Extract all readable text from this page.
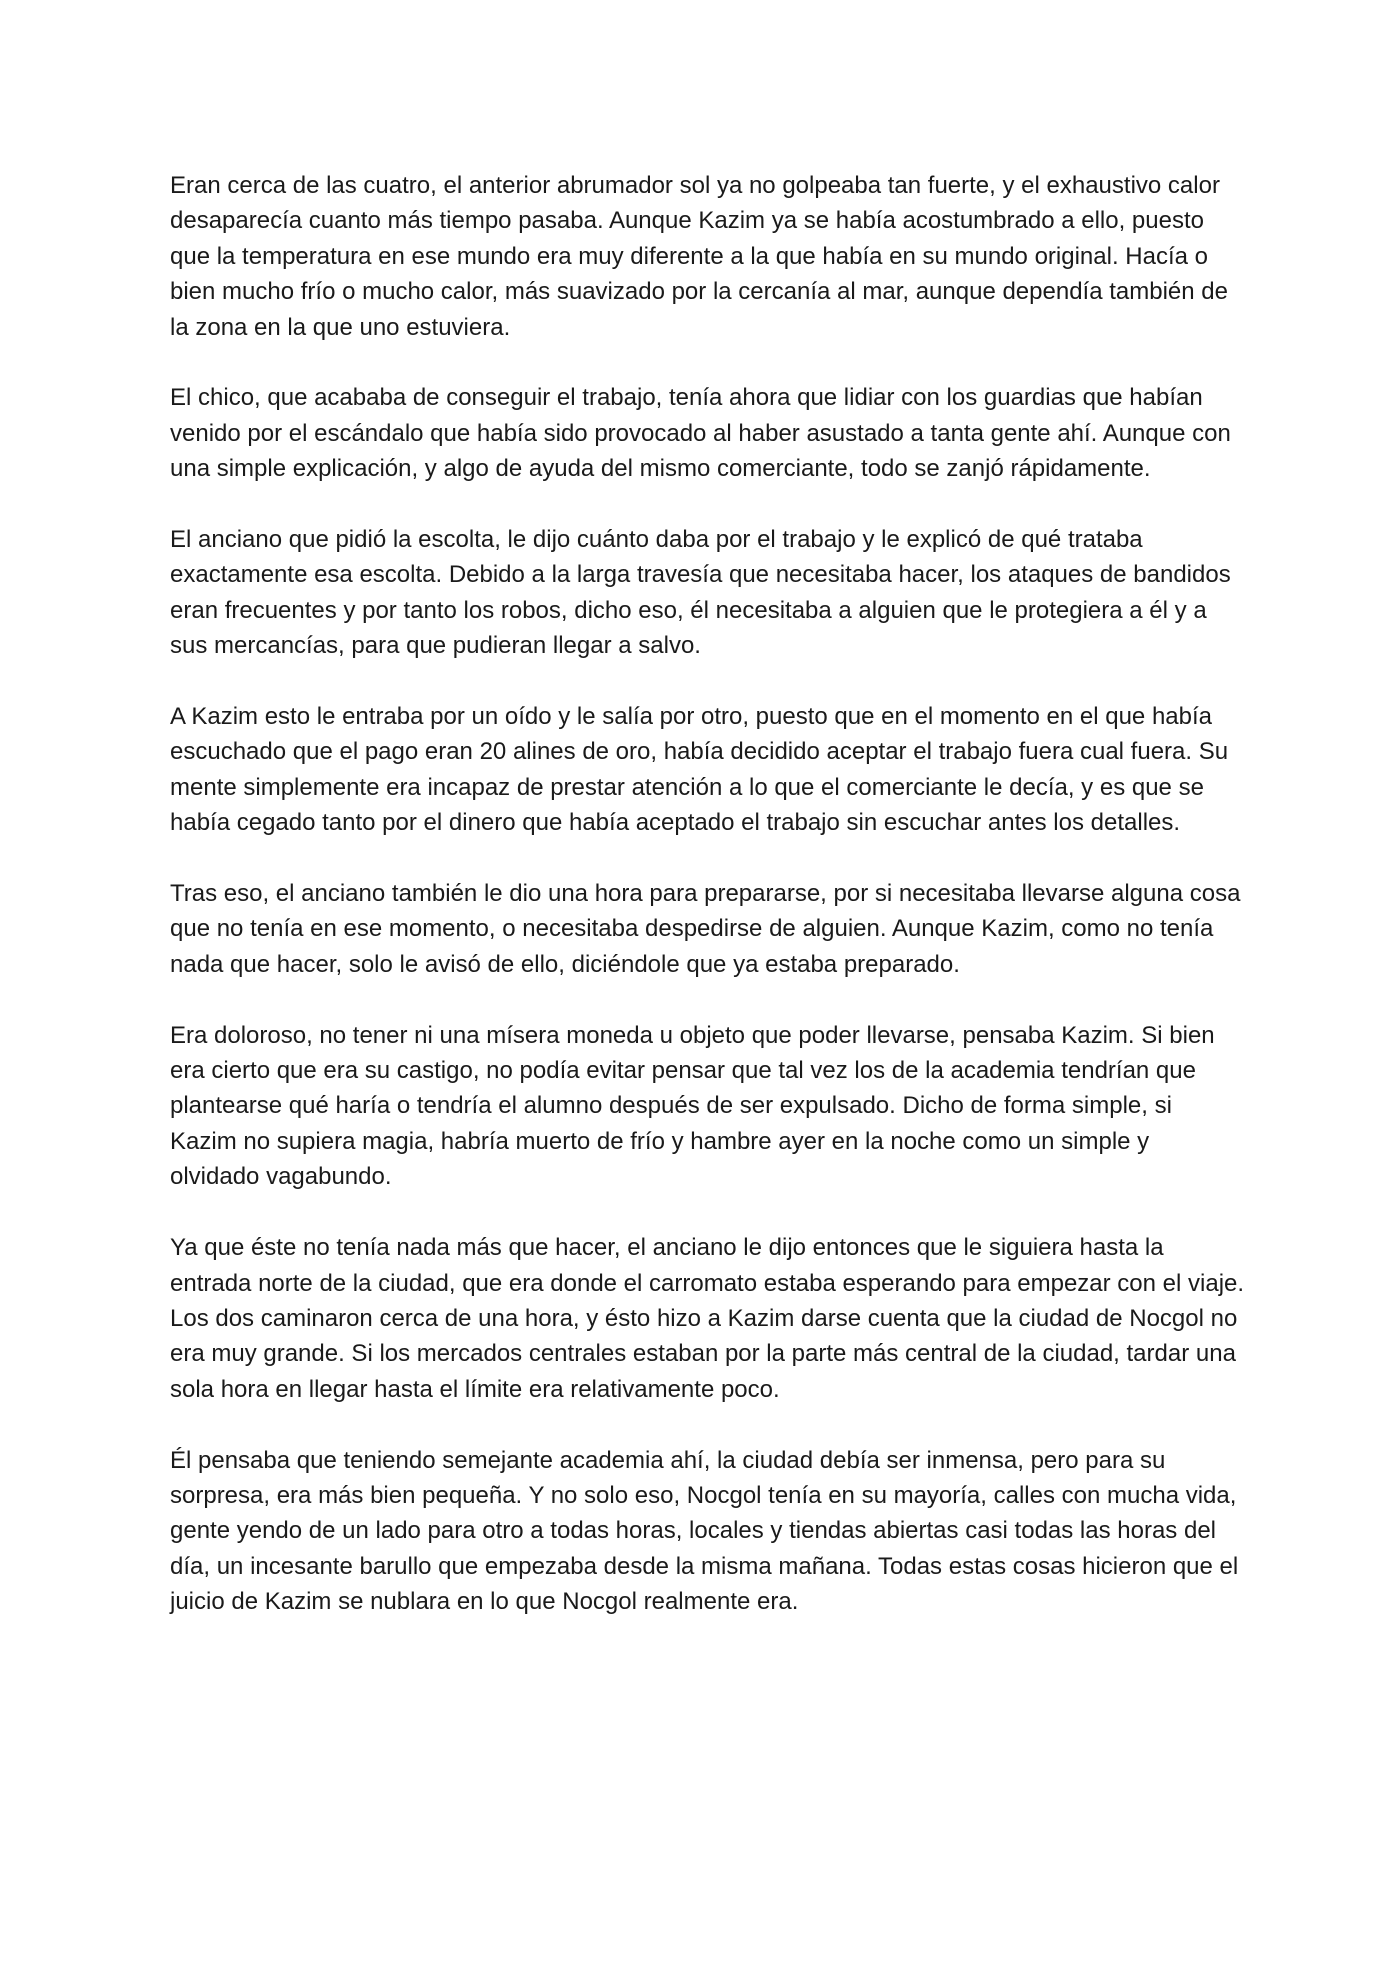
Eran cerca de las cuatro, el anterior abrumador sol ya no golpeaba tan fuerte, y el exhaustivo calor desaparecía cuanto más tiempo pasaba. Aunque Kazim ya se había acostumbrado a ello, puesto que la temperatura en ese mundo era muy diferente a la que había en su mundo original. Hacía o bien mucho frío o mucho calor, más suavizado por la cercanía al mar, aunque dependía también de la zona en la que uno estuviera.

El chico, que acababa de conseguir el trabajo, tenía ahora que lidiar con los guardias que habían venido por el escándalo que había sido provocado al haber asustado a tanta gente ahí. Aunque con una simple explicación, y algo de ayuda del mismo comerciante, todo se zanjó rápidamente.

El anciano que pidió la escolta, le dijo cuánto daba por el trabajo y le explicó de qué trataba exactamente esa escolta. Debido a la larga travesía que necesitaba hacer, los ataques de bandidos eran frecuentes y por tanto los robos, dicho eso, él necesitaba a alguien que le protegiera a él y a sus mercancías, para que pudieran llegar a salvo.

A Kazim esto le entraba por un oído y le salía por otro, puesto que en el momento en el que había escuchado que el pago eran 20 alines de oro, había decidido aceptar el trabajo fuera cual fuera. Su mente simplemente era incapaz de prestar atención a lo que el comerciante le decía, y es que se había cegado tanto por el dinero que había aceptado el trabajo sin escuchar antes los detalles.

Tras eso, el anciano también le dio una hora para prepararse, por si necesitaba llevarse alguna cosa que no tenía en ese momento, o necesitaba despedirse de alguien. Aunque Kazim, como no tenía nada que hacer, solo le avisó de ello, diciéndole que ya estaba preparado.

Era doloroso, no tener ni una mísera moneda u objeto que poder llevarse, pensaba Kazim. Si bien era cierto que era su castigo, no podía evitar pensar que tal vez los de la academia tendrían que plantearse qué haría o tendría el alumno después de ser expulsado. Dicho de forma simple, si Kazim no supiera magia, habría muerto de frío y hambre ayer en la noche como un simple y olvidado vagabundo.

Ya que éste no tenía nada más que hacer, el anciano le dijo entonces que le siguiera hasta la entrada norte de la ciudad, que era donde el carromato estaba esperando para empezar con el viaje. Los dos caminaron cerca de una hora, y ésto hizo a Kazim darse cuenta que la ciudad de Nocgol no era muy grande. Si los mercados centrales estaban por la parte más central de la ciudad, tardar una sola hora en llegar hasta el límite era relativamente poco.

Él pensaba que teniendo semejante academia ahí, la ciudad debía ser inmensa, pero para su sorpresa, era más bien pequeña. Y no solo eso, Nocgol tenía en su mayoría, calles con mucha vida, gente yendo de un lado para otro a todas horas, locales y tiendas abiertas casi todas las horas del día, un incesante barullo que empezaba desde la misma mañana. Todas estas cosas hicieron que el juicio de Kazim se nublara en lo que Nocgol realmente era.
